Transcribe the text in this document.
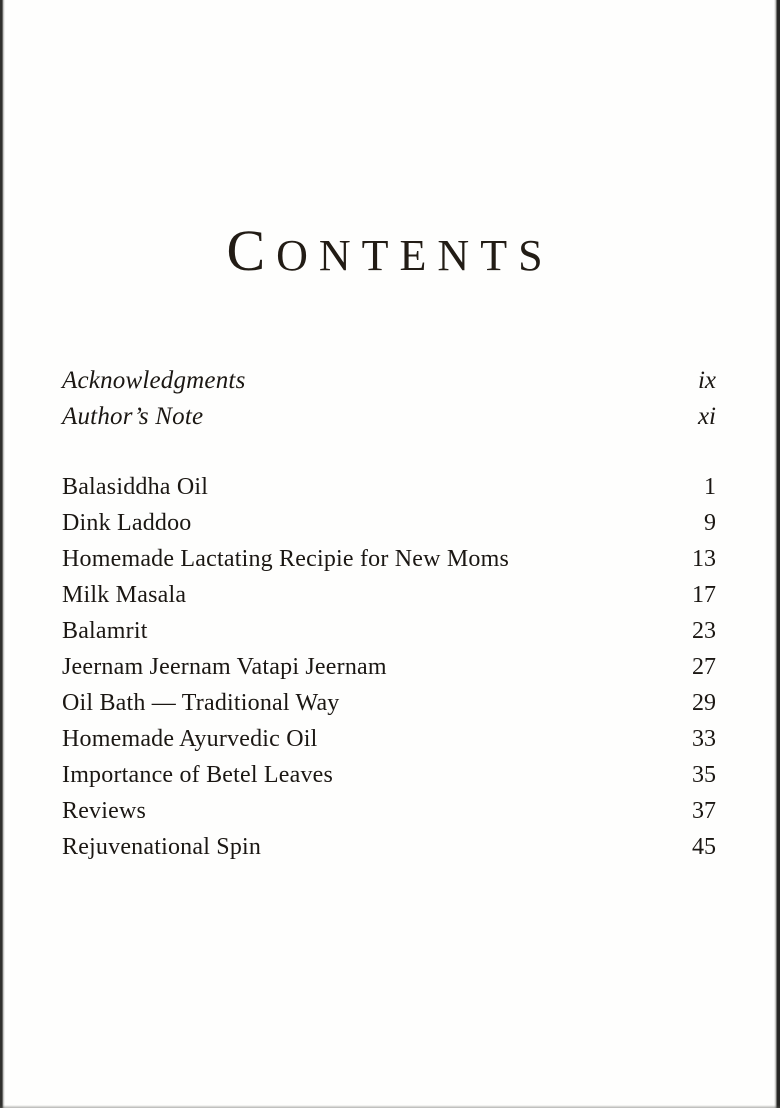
CONTENTS
Acknowledgments	ix
Author’s Note	xi
Balasiddha Oil	1
Dink Laddoo	9
Homemade Lactating Recipie for New Moms	13
Milk Masala	17
Balamrit	23
Jeernam Jeernam Vatapi Jeernam	27
Oil Bath — Traditional Way	29
Homemade Ayurvedic Oil	33
Importance of Betel Leaves	35
Reviews	37
Rejuvenational Spin	45
